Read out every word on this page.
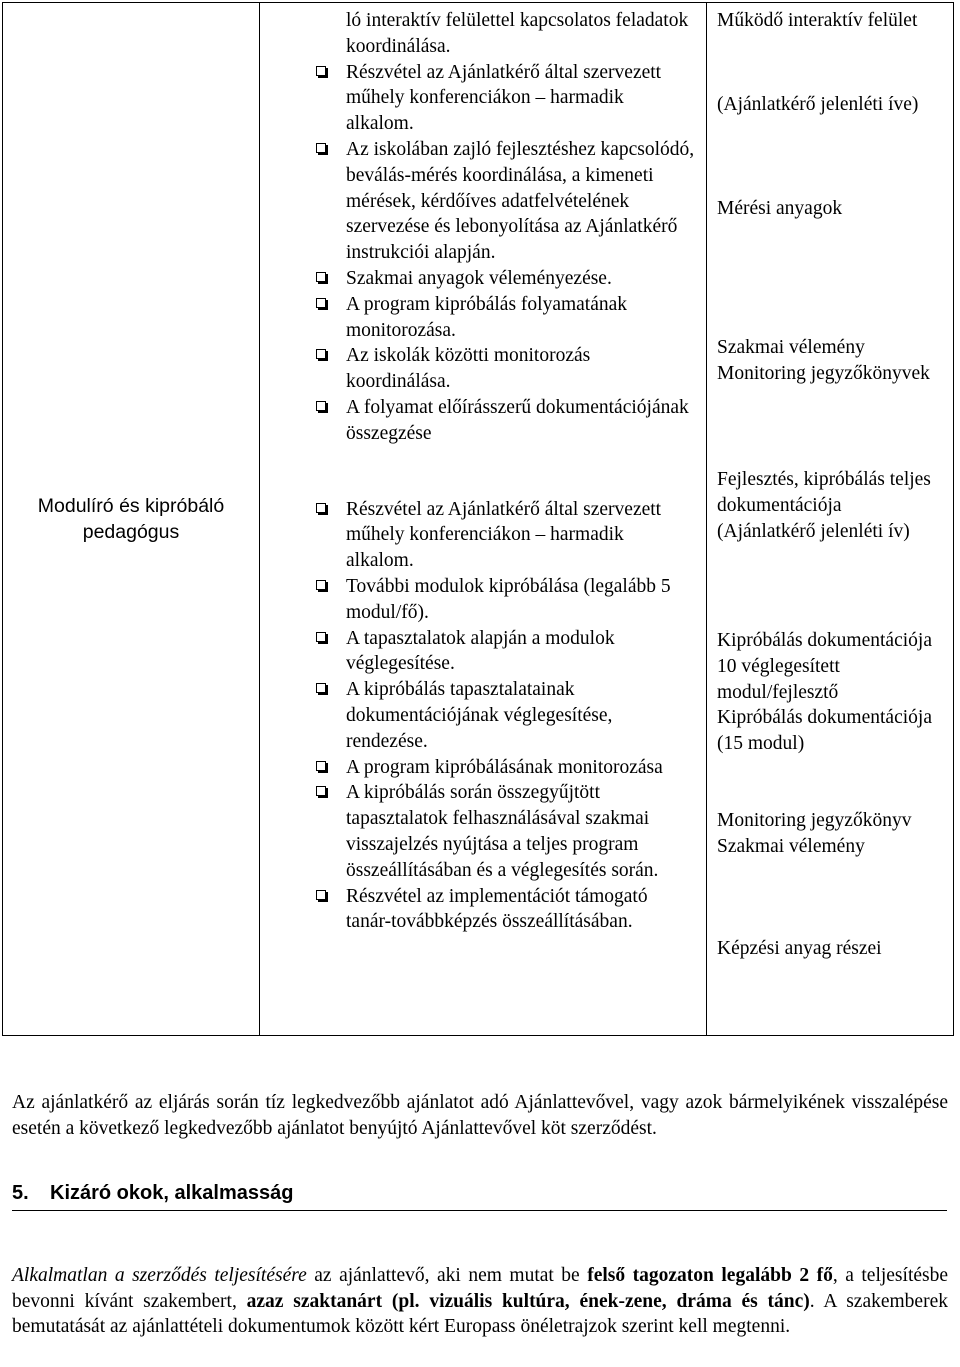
Modulíró és kipróbáló pedagógus

ló interaktív felülettel kapcsolatos feladatok koordinálása.
Részvétel az Ajánlatkérő által szervezett műhely konferenciákon – harmadik alkalom.
Az iskolában zajló fejlesztéshez kapcsolódó, beválás-mérés koordinálása, a kimeneti mérések, kérdőíves adatfelvételének szervezése és lebonyolítása az Ajánlatkérő instrukciói alapján.
Szakmai anyagok véleményezése.
A program kipróbálás folyamatának monitorozása.
Az iskolák közötti monitorozás koordinálása.
A folyamat előírásszerű dokumentációjának összegzése
Részvétel az Ajánlatkérő által szervezett műhely konferenciákon – harmadik alkalom.
További modulok kipróbálása (legalább 5 modul/fő).
A tapasztalatok alapján a modulok véglegesítése.
A kipróbálás tapasztalatainak dokumentációjának véglegesítése, rendezése.
A program kipróbálásának monitorozása
A kipróbálás során összegyűjtött tapasztalatok felhasználásával szakmai visszajelzés nyújtása a teljes program összeállításában és a véglegesítés során.
Részvétel az implementációt támogató tanár-továbbképzés összeállításában.

Működő interaktív felület
(Ajánlatkérő jelenléti íve)
Mérési anyagok
Szakmai vélemény
Monitoring jegyzőkönyvek
Fejlesztés, kipróbálás teljes dokumentációja
(Ajánlatkérő jelenléti ív)
Kipróbálás dokumentációja
10 véglegesített modul/fejlesztő
Kipróbálás dokumentációja (15 modul)
Monitoring jegyzőkönyv
Szakmai vélemény
Képzési anyag részei

Az ajánlatkérő az eljárás során tíz legkedvezőbb ajánlatot adó Ajánlattevővel, vagy azok bármelyikének visszalépése esetén a következő legkedvezőbb ajánlatot benyújtó Ajánlattevővel köt szerződést.

5. Kizáró okok, alkalmasság

Alkalmatlan a szerződés teljesítésére az ajánlattevő, aki nem mutat be felső tagozaton legalább 2 fő, a teljesítésbe bevonni kívánt szakembert, azaz szaktanárt (pl. vizuális kultúra, ének-zene, dráma és tánc). A szakemberek bemutatását az ajánlattételi dokumentumok között kért Europass önéletrajzok szerint kell megtenni.
